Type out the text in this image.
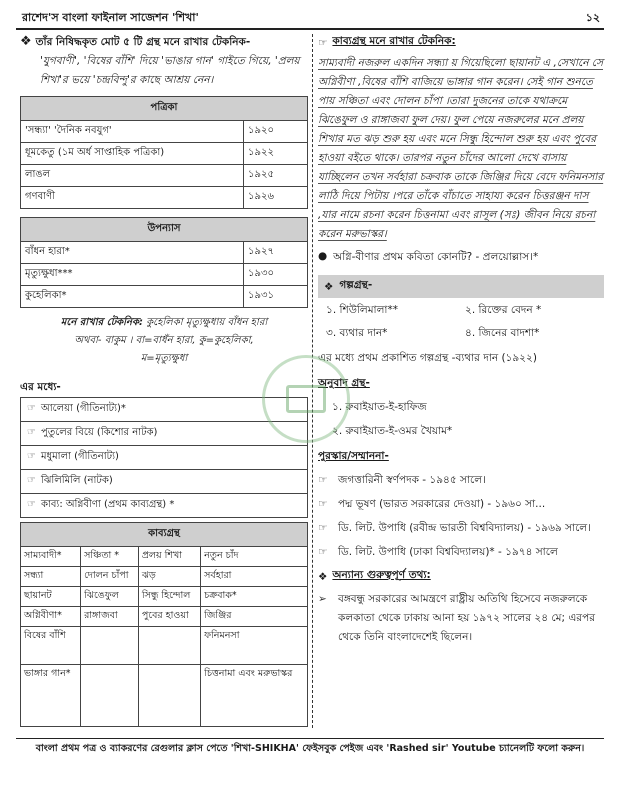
রাশেদ'স বাংলা ফাইনাল সাজেশন 'শিখা'	১২
❖ তাঁর নিষিদ্ধকৃত মোট ৫ টি গ্রন্থ মনে রাখার টেকনিক-
'যুগবাণী', 'বিষের বাঁশি' দিয়ে 'ভাঙার গান' গাইতে গিয়ে, 'প্রলয় শিখা'র ভয়ে 'চন্দ্রবিন্দু'র কাছে আশ্রয় নেন।
পত্রিকা	
'সন্ধ্যা' 'দৈনিক নবযুগ'	১৯২০
ধূমকেতু (১ম অর্ধ সাপ্তাহিক পত্রিকা)	১৯২২
লাঙল	১৯২৫
গণবাণী	১৯২৬
উপন্যাস	
বাঁধন হারা*	১৯২৭
মৃত্যুক্ষুধা***	১৯৩০
কুহেলিকা*	১৯৩১
মনে রাখার টেকনিক: কুহেলিকা মৃত্যুক্ষুধায় বাঁধন হারা
অথবা- বাকুম । বা=বাধঁন হারা, কু=কুহেলিকা,
ম=মৃত্যুক্ষুধা
এর মধ্যে-
☞ আলেয়া (গীতিনাট্য)*
☞ পুতুলের বিয়ে (কিশোর নাটক)
☞ মধুমালা (গীতিনাট্য)
☞ ঝিলিমিলি (নাটক)
☞ কাব্য: অগ্নিবীণা (প্রথম কাব্যগ্রন্থ) *
কাব্যগ্রন্থ			
সাম্যবাদী*	সঞ্চিতা *	প্রলয় শিখা	নতুন চাঁদ
সন্ধ্যা	দোলন চাঁপা	ঝড়	সর্বহারা
ছায়ানট	ঝিঙেফুল	সিন্ধু হিন্দোল	চক্রবাক*
অগ্নিবীণা*	রাঙ্গাজবা	পুবের হাওয়া	জিঞ্জির
বিষের বাঁশি			ফনিমনসা
ভাঙ্গার গান*			চিত্তনামা এবং মরুভাস্কর
☞ কাব্যগ্রন্থ মনে রাখার টেকনিক:
সাম্যবাদী নজরুল একদিন সন্ধ্যা য় গিয়েছিলো ছায়ানট এ ,সেখানে সে অগ্নিবীণা ,বিষের বাঁশি বাজিয়ে ভাঙ্গার গান করেন। সেই গান শুনতে পায় সঞ্চিতা এবং দোলন চাঁপা ।তারা দুজনের তাকে যথাক্রমে ঝিঙেফুল ও রাঙ্গাজবা ফুল দেয়। ফুল পেয়ে নজরুলের মনে প্রলয় শিখার মত ঝড় শুরু হয় এবং মনে সিন্ধু হিন্দোল শুরু হয় এবং পুবের হাওয়া বইতে থাকে। তারপর নতুন চাঁদের আলো দেখে বাসায় যাচ্ছিলেন তখন সর্বহারা চক্রবাক তাকে জিঞ্জির দিয়ে বেদে ফনিমনসার লাঠি দিয়ে পিটায় ।পরে তাঁকে বাঁচাতে সাহায্য করেন চিত্তরঞ্জন দাস ,যার নামে রচনা করেন চিত্তনামা এবং রাসূল (সঃ) জীবন নিয়ে রচনা করেন মরুভাস্কর।
● অগ্নি-বীণার প্রথম কবিতা কোনটি? - প্রলয়োল্লাস।*
❖ গল্পগ্রন্থ-
১. শিউলিমালা**	২. রিক্তের বেদন *
৩. ব্যথার দান*	৪. জিনের বাদশা*
এর মধ্যে প্রথম প্রকাশিত গল্পগ্রন্থ -ব্যথার দান (১৯২২)
অনুবাদ গ্রন্থ-
১. রুবাইয়াত-ই-হাফিজ
২. রুবাইয়াত-ই-ওমর খৈয়াম*
পুরস্কার/সম্মাননা-
☞	জগত্তারিনী স্বর্ণপদক - ১৯৪৫ সালে।
☞	পদ্ম ভূষণ (ভারত সরকারের দেওয়া) - ১৯৬০ সা...
☞	ডি. লিট. উপাধি (রবীন্দ্র ভারতী বিশ্ববিদ্যালয়) - ১৯৬৯ সালে।
☞	ডি. লিট. উপাধি (ঢাকা বিশ্ববিদ্যালয়)* - ১৯৭৪ সালে
❖ অন্যান্য গুরুত্বপূর্ণ তথ্য:
➢	বঙ্গবন্ধু সরকারের আমন্ত্রণে রাষ্ট্রীয় অতিথি হিসেবে নজরুলকে কলকাতা থেকে ঢাকায় আনা হয় ১৯৭২ সালের ২৪ মে; এরপর থেকে তিনি বাংলাদেশেই ছিলেন।
বাংলা প্রথম পত্র ও ব্যাকরণের রেগুলার ক্লাস পেতে 'শিখা-SHIKHA' ফেইসবুক পেইজ এবং 'Rashed sir' Youtube চ্যানেলটি ফলো করুন।
